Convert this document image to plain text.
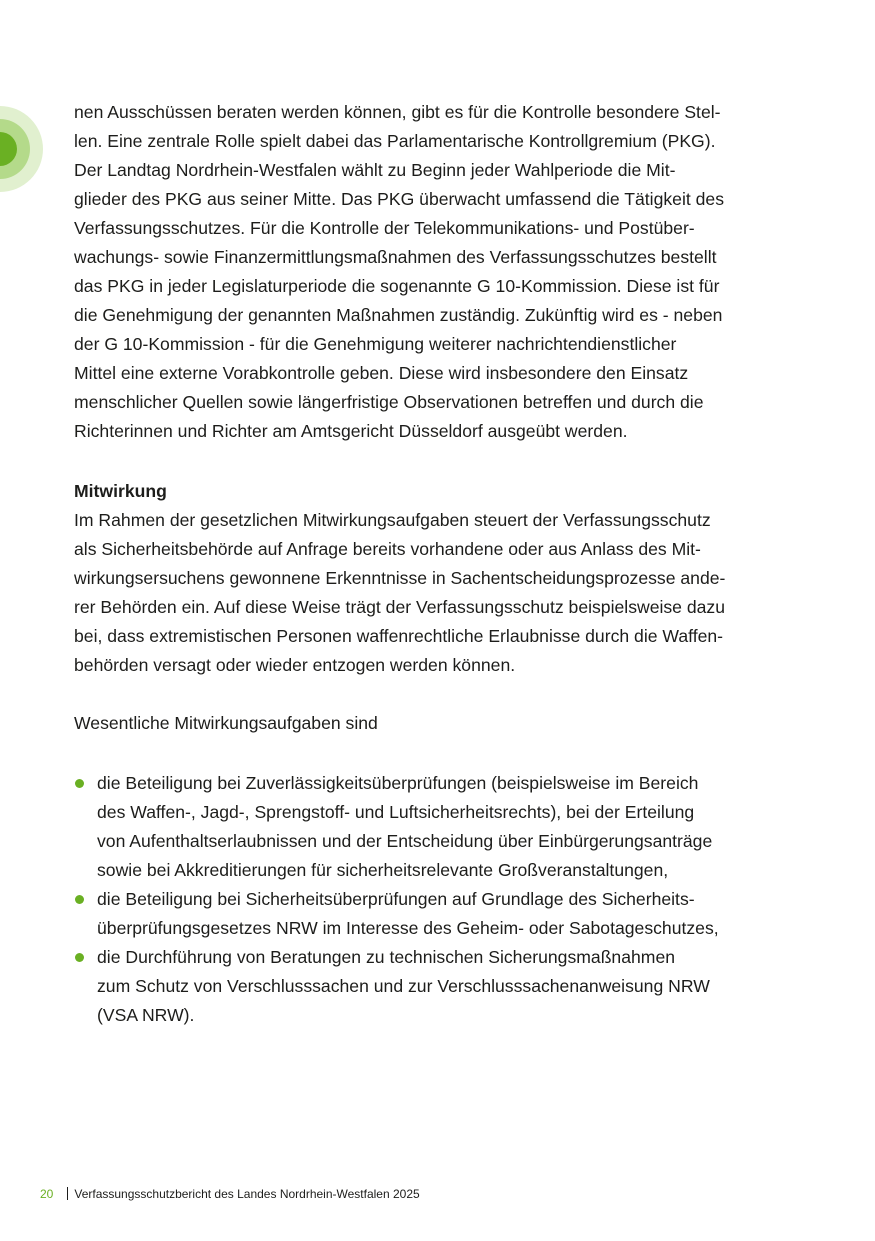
nen Ausschüssen beraten werden können, gibt es für die Kontrolle besondere Stel-
len. Eine zentrale Rolle spielt dabei das Parlamentarische Kontrollgremium (PKG).
Der Landtag Nordrhein-Westfalen wählt zu Beginn jeder Wahlperiode die Mit-
glieder des PKG aus seiner Mitte. Das PKG überwacht umfassend die Tätigkeit des
Verfassungsschutzes. Für die Kontrolle der Telekommunikations- und Postüber-
wachungs- sowie Finanzermittlungsmaßnahmen des Verfassungsschutzes bestellt
das PKG in jeder Legislaturperiode die sogenannte G 10-Kommission. Diese ist für
die Genehmigung der genannten Maßnahmen zuständig. Zukünftig wird es - neben
der G 10-Kommission - für die Genehmigung weiterer nachrichtendienstlicher
Mittel eine externe Vorabkontrolle geben. Diese wird insbesondere den Einsatz
menschlicher Quellen sowie längerfristige Observationen betreffen und durch die
Richterinnen und Richter am Amtsgericht Düsseldorf ausgeübt werden.
Mitwirkung
Im Rahmen der gesetzlichen Mitwirkungsaufgaben steuert der Verfassungsschutz
als Sicherheitsbehörde auf Anfrage bereits vorhandene oder aus Anlass des Mit-
wirkungsersuchens gewonnene Erkenntnisse in Sachentscheidungsprozesse ande-
rer Behörden ein. Auf diese Weise trägt der Verfassungsschutz beispielsweise dazu
bei, dass extremistischen Personen waffenrechtliche Erlaubnisse durch die Waffen-
behörden versagt oder wieder entzogen werden können.
Wesentliche Mitwirkungsaufgaben sind
die Beteiligung bei Zuverlässigkeitsüberprüfungen (beispielsweise im Bereich
des Waffen-, Jagd-, Sprengstoff- und Luftsicherheitsrechts), bei der Erteilung
von Aufenthaltserlaubnissen und der Entscheidung über Einbürgerungsanträge
sowie bei Akkreditierungen für sicherheitsrelevante Großveranstaltungen,
die Beteiligung bei Sicherheitsüberprüfungen auf Grundlage des Sicherheits-
überprüfungsgesetzes NRW im Interesse des Geheim- oder Sabotageschutzes,
die Durchführung von Beratungen zu technischen Sicherungsmaßnahmen
zum Schutz von Verschlusssachen und zur Verschlusssachenanweisung NRW
(VSA NRW).
20 Verfassungsschutzbericht des Landes Nordrhein-Westfalen 2025
